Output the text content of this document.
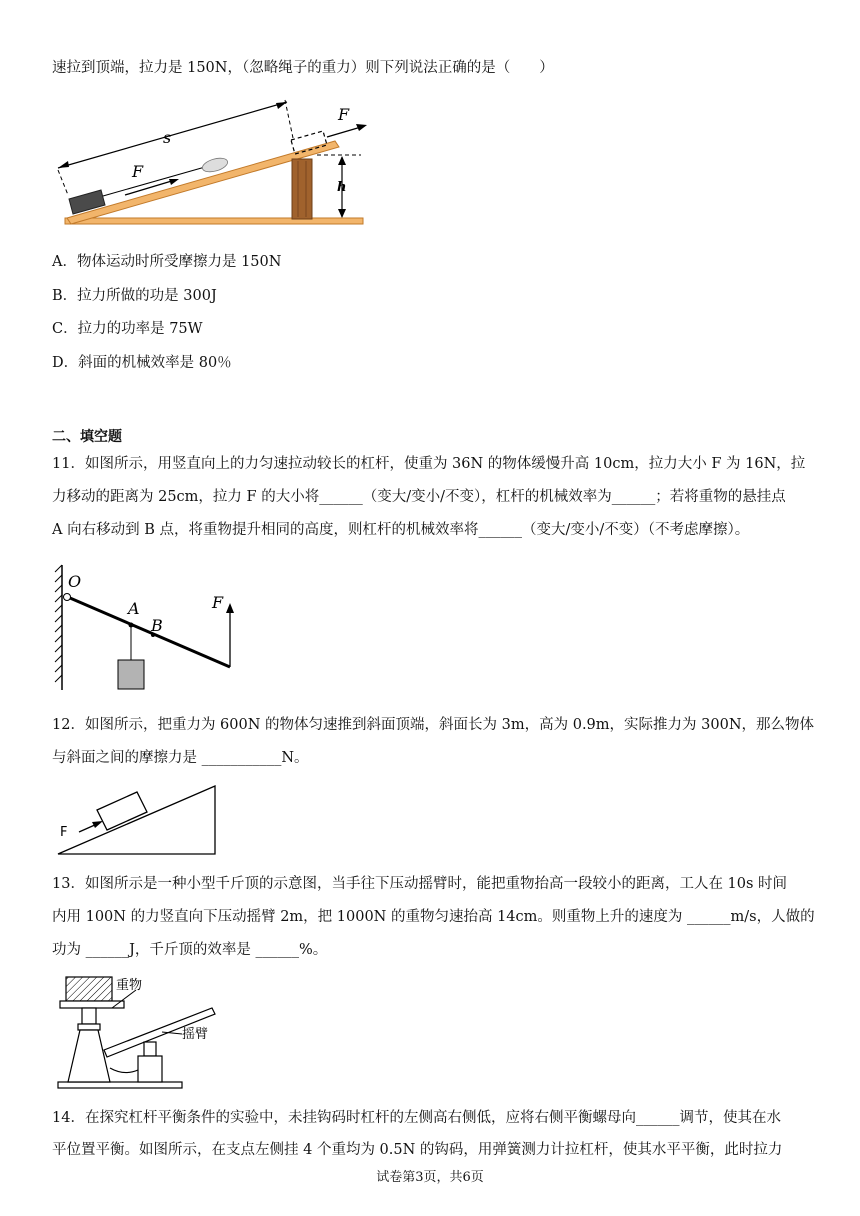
速拉到顶端，拉力是 150N，（忽略绳子的重力）则下列说法正确的是（　　）
s
F
F
h
A．物体运动时所受摩擦力是 150N
B．拉力所做的功是 300J
C．拉力的功率是 75W
D．斜面的机械效率是 80％
二、填空题
11．如图所示，用竖直向上的力匀速拉动较长的杠杆，使重为 36N 的物体缓慢升高 10cm，拉力大小 F 为 16N，拉
力移动的距离为 25cm，拉力 F 的大小将______（变大/变小/不变），杠杆的机械效率为______；若将重物的悬挂点
A 向右移动到 B 点，将重物提升相同的高度，则杠杆的机械效率将______（变大/变小/不变）（不考虑摩擦）。
O
A
B
F
12．如图所示，把重力为 600N 的物体匀速推到斜面顶端，斜面长为 3m，高为 0.9m，实际推力为 300N，那么物体
与斜面之间的摩擦力是 ___________N。
F
13．如图所示是一种小型千斤顶的示意图，当手往下压动摇臂时，能把重物抬高一段较小的距离，工人在 10s 时间
内用 100N 的力竖直向下压动摇臂 2m，把 1000N 的重物匀速抬高 14cm。则重物上升的速度为 ______m/s，人做的
功为 ______J，千斤顶的效率是 ______%。
重物
摇臂
14．在探究杠杆平衡条件的实验中，未挂钩码时杠杆的左侧高右侧低，应将右侧平衡螺母向______调节，使其在水
平位置平衡。如图所示，在支点左侧挂 4 个重均为 0.5N 的钩码，用弹簧测力计拉杠杆，使其水平平衡，此时拉力
试卷第3页，共6页
